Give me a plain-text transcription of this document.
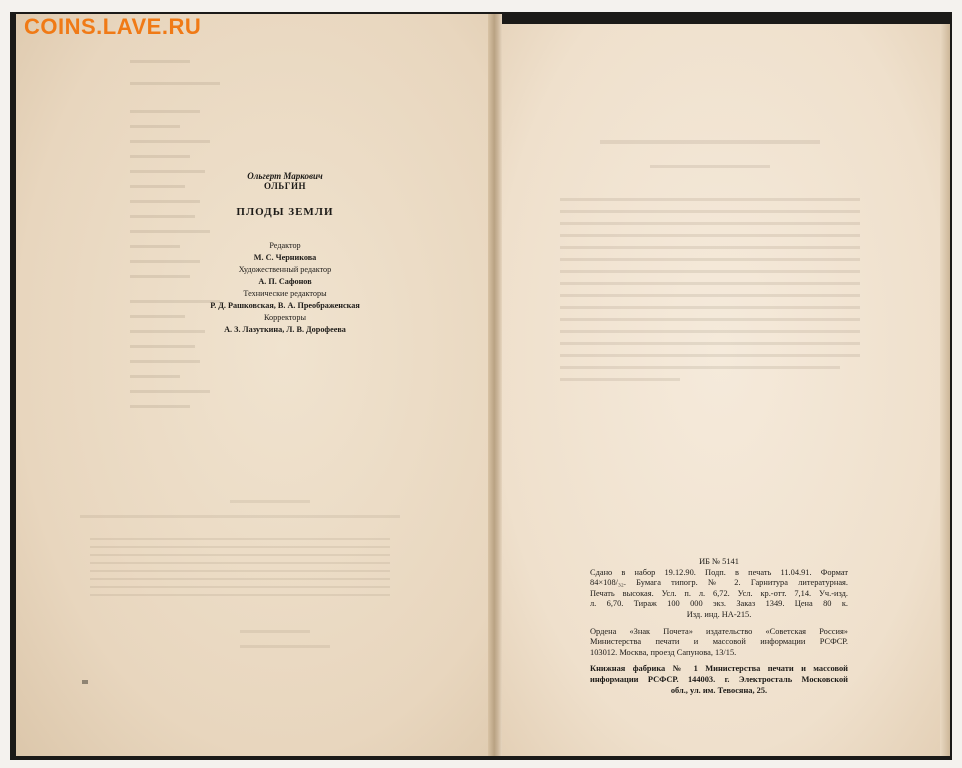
COINS.LAVE.RU
Ольгерт Маркович
ОЛЬГИН
ПЛОДЫ ЗЕМЛИ
Редактор
М. С. Черникова
Художественный редактор
А. П. Сафонов
Технические редакторы
Р. Д. Рашковская, В. А. Преображенская
Корректоры
А. З. Лазуткина, Л. В. Дорофеева
ИБ № 5141
Сдано в набор 19.12.90. Подп. в печать 11.04.91. Формат
84×108/₃₂. Бумага типогр. № 2. Гарнитура литературная.
Печать высокая. Усл. п. л. 6,72. Усл. кр.-отт. 7,14. Уч.-изд.
л. 6,70. Тираж 100 000 экз. Заказ 1349. Цена 80 к.
Изд. инд. НА-215.
Ордена «Знак Почета» издательство «Советская Россия»
Министерства печати и массовой информации РСФСР.
103012. Москва, проезд Сапунова, 13/15.
Книжная фабрика № 1 Министерства печати и массовой
информации РСФСР. 144003. г. Электросталь Московской
обл., ул. им. Тевосяна, 25.
